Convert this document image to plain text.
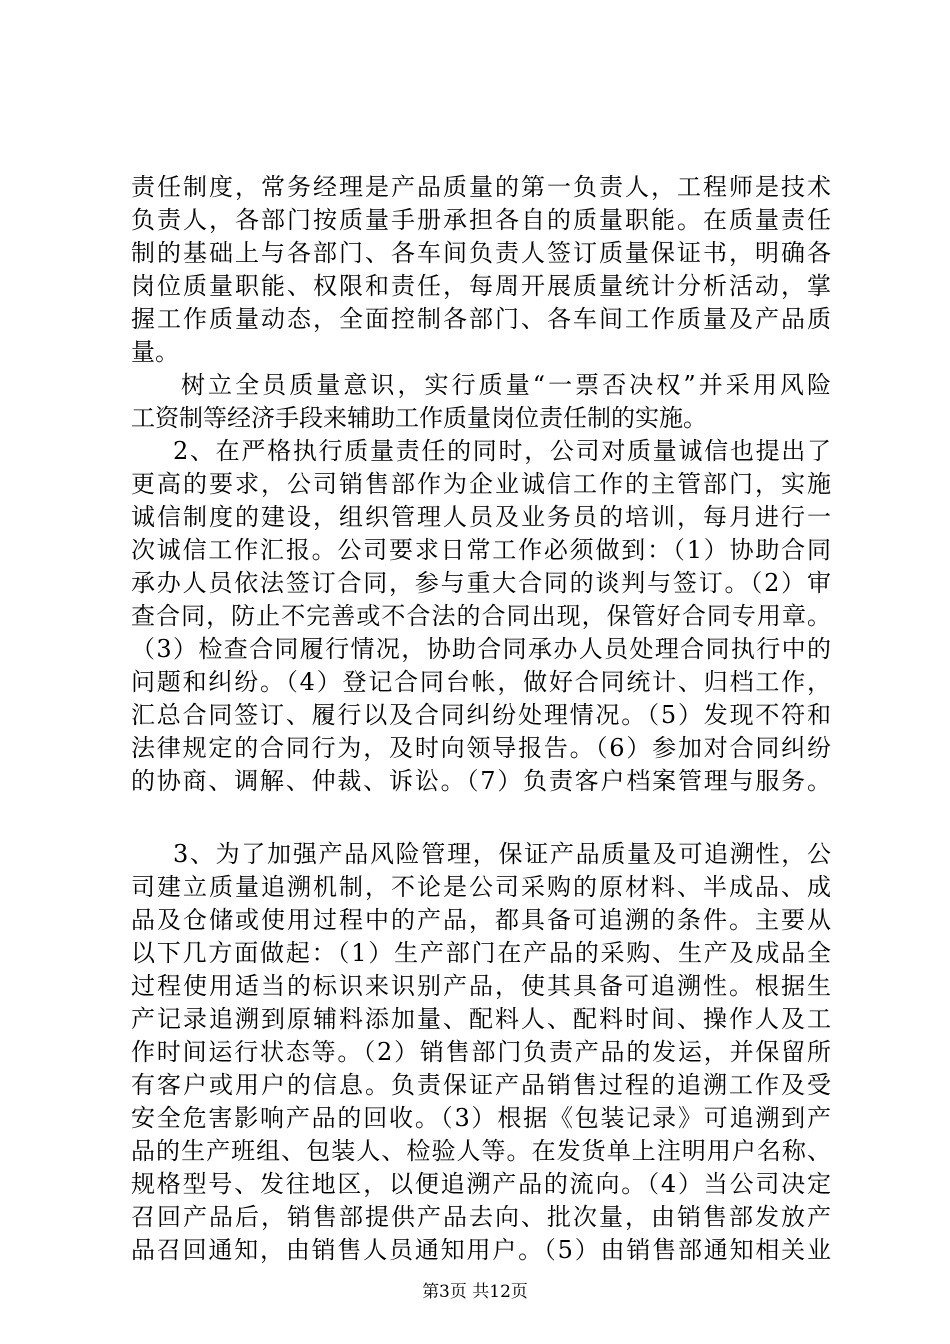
责任制度，常务经理是产品质量的第一负责人，工程师是技术

负责人，各部门按质量手册承担各自的质量职能。在质量责任

制的基础上与各部门、各车间负责人签订质量保证书，明确各

岗位质量职能、权限和责任，每周开展质量统计分析活动，掌

握工作质量动态，全面控制各部门、各车间工作质量及产品质

量。

树立全员质量意识，实行质量“一票否决权”并采用风险

工资制等经济手段来辅助工作质量岗位责任制的实施。

2、在严格执行质量责任的同时，公司对质量诚信也提出了

更高的要求，公司销售部作为企业诚信工作的主管部门，实施

诚信制度的建设，组织管理人员及业务员的培训，每月进行一

次诚信工作汇报。公司要求日常工作必须做到：（1）协助合同

承办人员依法签订合同，参与重大合同的谈判与签订。（2）审

查合同，防止不完善或不合法的合同出现，保管好合同专用章。

（3）检查合同履行情况，协助合同承办人员处理合同执行中的

问题和纠纷。（4）登记合同台帐，做好合同统计、归档工作，

汇总合同签订、履行以及合同纠纷处理情况。（5）发现不符和

法律规定的合同行为，及时向领导报告。（6）参加对合同纠纷

的协商、调解、仲裁、诉讼。（7）负责客户档案管理与服务。

3、为了加强产品风险管理，保证产品质量及可追溯性，公

司建立质量追溯机制，不论是公司采购的原材料、半成品、成

品及仓储或使用过程中的产品，都具备可追溯的条件。主要从

以下几方面做起：（1）生产部门在产品的采购、生产及成品全

过程使用适当的标识来识别产品，使其具备可追溯性。根据生

产记录追溯到原辅料添加量、配料人、配料时间、操作人及工

作时间运行状态等。（2）销售部门负责产品的发运，并保留所

有客户或用户的信息。负责保证产品销售过程的追溯工作及受

安全危害影响产品的回收。（3）根据《包装记录》可追溯到产

品的生产班组、包装人、检验人等。在发货单上注明用户名称、

规格型号、发往地区，以便追溯产品的流向。（4）当公司决定

召回产品后，销售部提供产品去向、批次量，由销售部发放产

品召回通知，由销售人员通知用户。（5）由销售部通知相关业

第3页 共12页
